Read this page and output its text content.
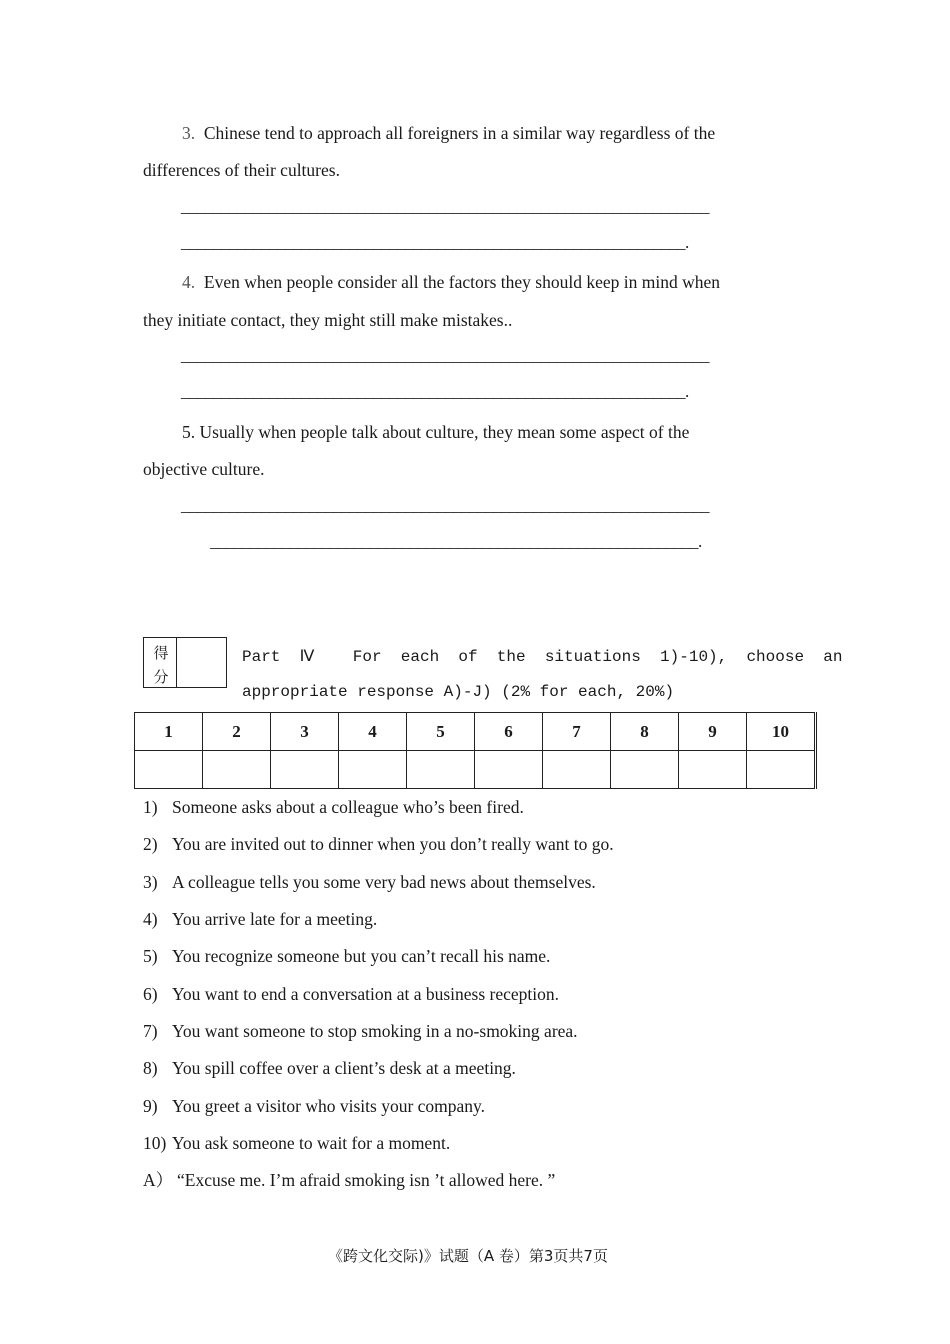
3. Chinese tend to approach all foreigners in a similar way regardless of the
differences of their cultures.
__________________________________________________________________
_______________________________________________________________.
4. Even when people consider all the factors they should keep in mind when
they initiate contact, they might still make mistakes..
__________________________________________________________________
_______________________________________________________________.
5. Usually when people talk about culture, they mean some aspect of the
objective culture.
__________________________________________________________________
_____________________________________________________________.
得
分
Part  Ⅳ    For  each  of  the  situations  1)-10),  choose  an
appropriate response A)-J) (2% for each, 20%)
1	2	3	4	5	6	7	8	9	10

1) Someone asks about a colleague who’s been fired.
2) You are invited out to dinner when you don’t really want to go.
3) A colleague tells you some very bad news about themselves.
4) You arrive late for a meeting.
5) You recognize someone but you can’t recall his name.
6) You want to end a conversation at a business reception.
7) You want someone to stop smoking in a no-smoking area.
8) You spill coffee over a client’s desk at a meeting.
9) You greet a visitor who visits your company.
10) You ask someone to wait for a moment.
A） “Excuse me. I’m afraid smoking isn ’t allowed here. ”
《跨文化交际)》试题（A 卷）第3页共7页
